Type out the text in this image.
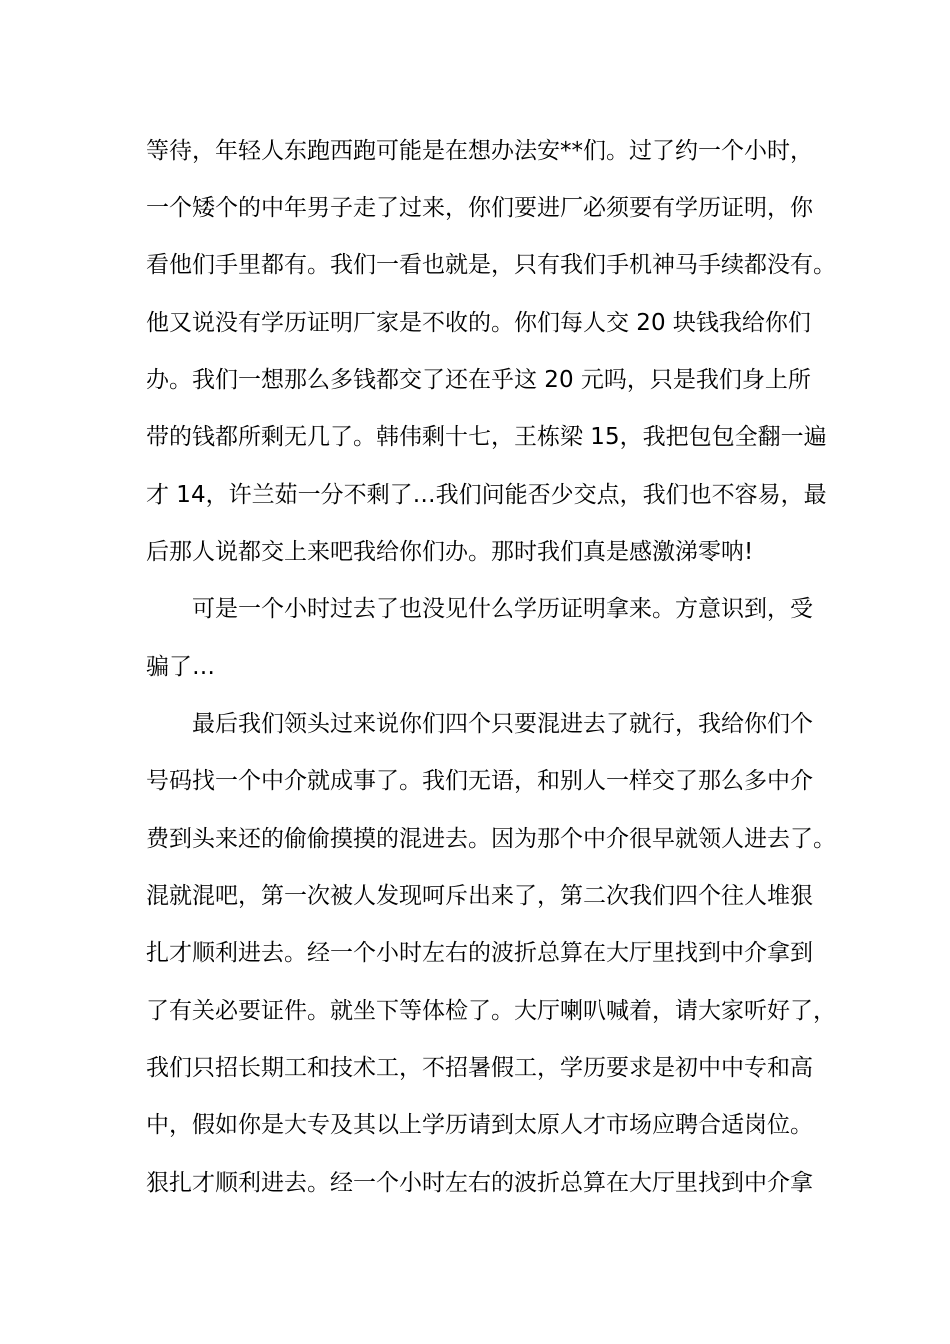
等待，年轻人东跑西跑可能是在想办法安**们。过了约一个小时，
一个矮个的中年男子走了过来，你们要进厂必须要有学历证明，你
看他们手里都有。我们一看也就是，只有我们手机神马手续都没有。
他又说没有学历证明厂家是不收的。你们每人交 20 块钱我给你们
办。我们一想那么多钱都交了还在乎这 20 元吗，只是我们身上所
带的钱都所剩无几了。韩伟剩十七，王栋梁 15，我把包包全翻一遍
才 14，许兰茹一分不剩了…我们问能否少交点，我们也不容易，最
后那人说都交上来吧我给你们办。那时我们真是感激涕零呐!
可是一个小时过去了也没见什么学历证明拿来。方意识到，受
骗了…
最后我们领头过来说你们四个只要混进去了就行，我给你们个
号码找一个中介就成事了。我们无语，和别人一样交了那么多中介
费到头来还的偷偷摸摸的混进去。因为那个中介很早就领人进去了。
混就混吧，第一次被人发现呵斥出来了，第二次我们四个往人堆狠
扎才顺利进去。经一个小时左右的波折总算在大厅里找到中介拿到
了有关必要证件。就坐下等体检了。大厅喇叭喊着，请大家听好了，
我们只招长期工和技术工，不招暑假工，学历要求是初中中专和高
中，假如你是大专及其以上学历请到太原人才市场应聘合适岗位。
狠扎才顺利进去。经一个小时左右的波折总算在大厅里找到中介拿
